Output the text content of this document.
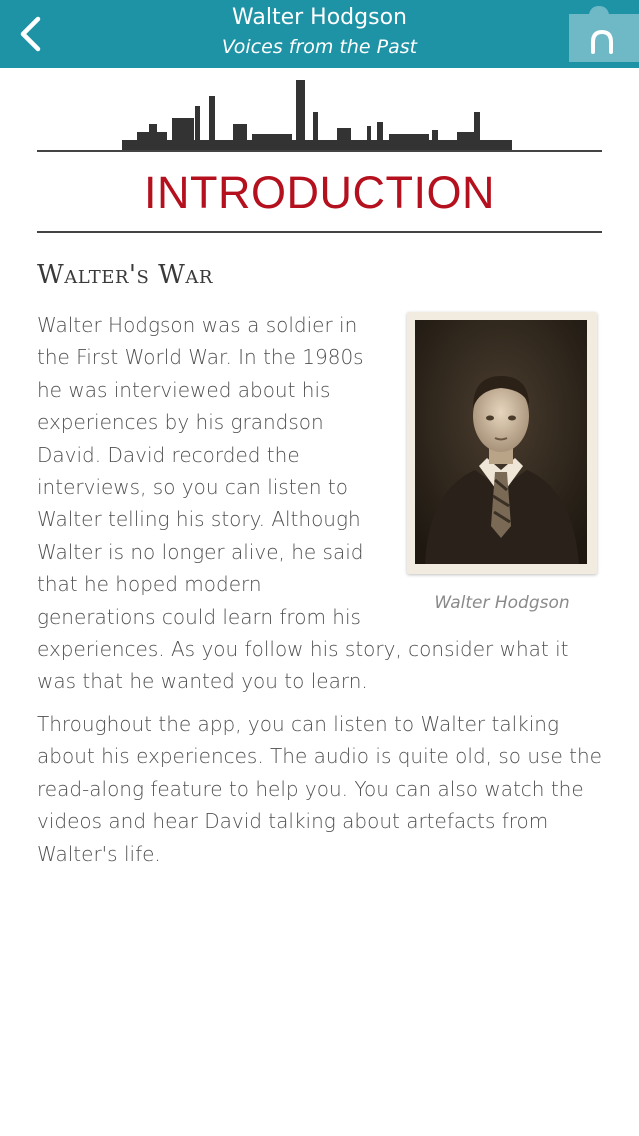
Walter Hodgson
Voices from the Past
INTRODUCTION
Walter's War
Walter Hodgson

Walter Hodgson was a soldier in the First World War. In the 1980s he was interviewed about his experiences by his grandson David. David recorded the interviews, so you can listen to Walter telling his story. Although Walter is no longer alive, he said that he hoped modern generations could learn from his experiences. As you follow his story, consider what it was that he wanted you to learn.

Throughout the app, you can listen to Walter talking about his experiences. The audio is quite old, so use the read-along feature to help you. You can also watch the videos and hear David talking about artefacts from Walter's life.
